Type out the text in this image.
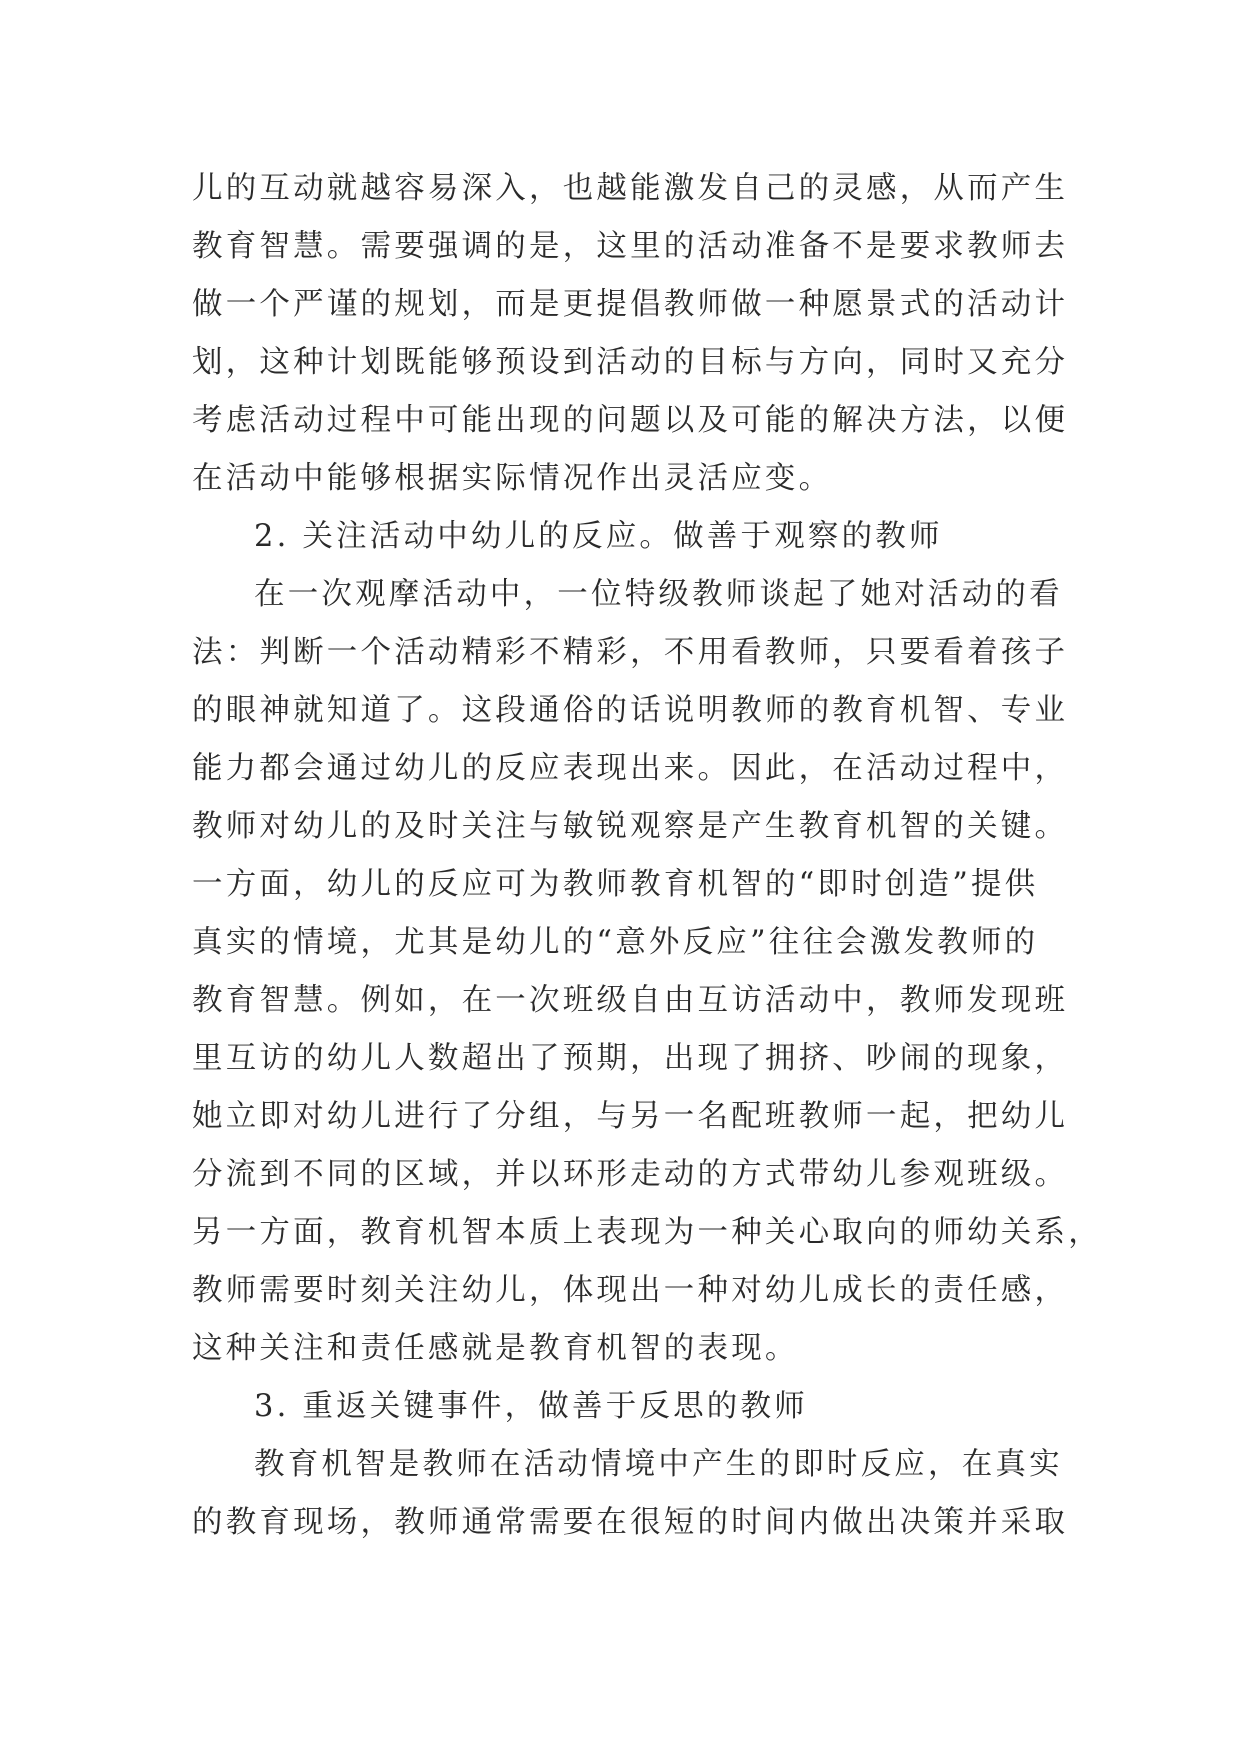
儿的互动就越容易深入，也越能激发自己的灵感，从而产生
教育智慧。需要强调的是，这里的活动准备不是要求教师去
做一个严谨的规划，而是更提倡教师做一种愿景式的活动计
划，这种计划既能够预设到活动的目标与方向，同时又充分
考虑活动过程中可能出现的问题以及可能的解决方法，以便
在活动中能够根据实际情况作出灵活应变。
2. 关注活动中幼儿的反应。做善于观察的教师
在一次观摩活动中，一位特级教师谈起了她对活动的看
法：判断一个活动精彩不精彩，不用看教师，只要看着孩子
的眼神就知道了。这段通俗的话说明教师的教育机智、专业
能力都会通过幼儿的反应表现出来。因此，在活动过程中，
教师对幼儿的及时关注与敏锐观察是产生教育机智的关键。
一方面，幼儿的反应可为教师教育机智的“即时创造”提供
真实的情境，尤其是幼儿的“意外反应”往往会激发教师的
教育智慧。例如，在一次班级自由互访活动中，教师发现班
里互访的幼儿人数超出了预期，出现了拥挤、吵闹的现象，
她立即对幼儿进行了分组，与另一名配班教师一起，把幼儿
分流到不同的区域，并以环形走动的方式带幼儿参观班级。
另一方面，教育机智本质上表现为一种关心取向的师幼关系，
教师需要时刻关注幼儿，体现出一种对幼儿成长的责任感，
这种关注和责任感就是教育机智的表现。
3. 重返关键事件，做善于反思的教师
教育机智是教师在活动情境中产生的即时反应，在真实
的教育现场，教师通常需要在很短的时间内做出决策并采取
